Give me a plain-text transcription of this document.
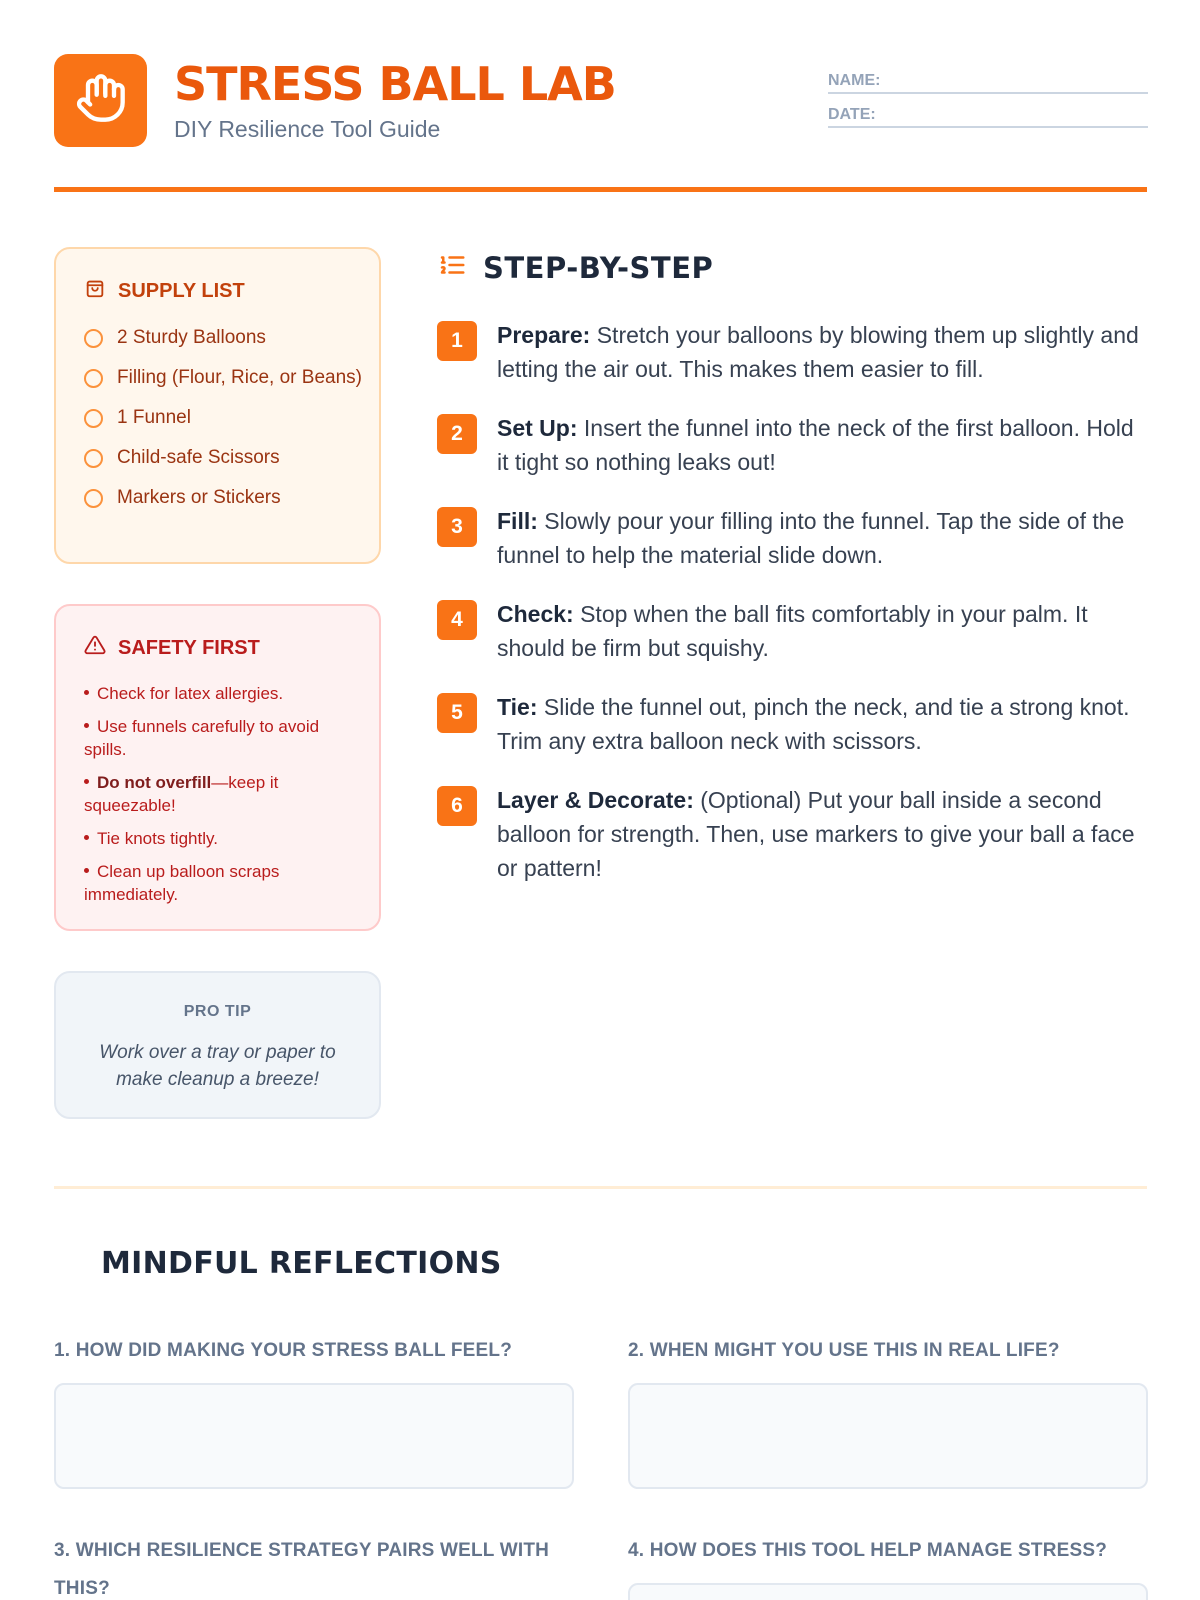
STRESS BALL LAB
DIY Resilience Tool Guide
NAME:
DATE:
SUPPLY LIST
2 Sturdy Balloons
Filling (Flour, Rice, or Beans)
1 Funnel
Child-safe Scissors
Markers or Stickers
SAFETY FIRST
Check for latex allergies.
Use funnels carefully to avoid spills.
Do not overfill—keep it squeezable!
Tie knots tightly.
Clean up balloon scraps immediately.
PRO TIP
Work over a tray or paper to make cleanup a breeze!
STEP-BY-STEP
1	Prepare: Stretch your balloons by blowing them up slightly and letting the air out. This makes them easier to fill.
2	Set Up: Insert the funnel into the neck of the first balloon. Hold it tight so nothing leaks out!
3	Fill: Slowly pour your filling into the funnel. Tap the side of the funnel to help the material slide down.
4	Check: Stop when the ball fits comfortably in your palm. It should be firm but squishy.
5	Tie: Slide the funnel out, pinch the neck, and tie a strong knot. Trim any extra balloon neck with scissors.
6	Layer & Decorate: (Optional) Put your ball inside a second balloon for strength. Then, use markers to give your ball a face or pattern!
MINDFUL REFLECTIONS
1. HOW DID MAKING YOUR STRESS BALL FEEL?	2. WHEN MIGHT YOU USE THIS IN REAL LIFE?
3. WHICH RESILIENCE STRATEGY PAIRS WELL WITH THIS?
4. HOW DOES THIS TOOL HELP MANAGE STRESS?
